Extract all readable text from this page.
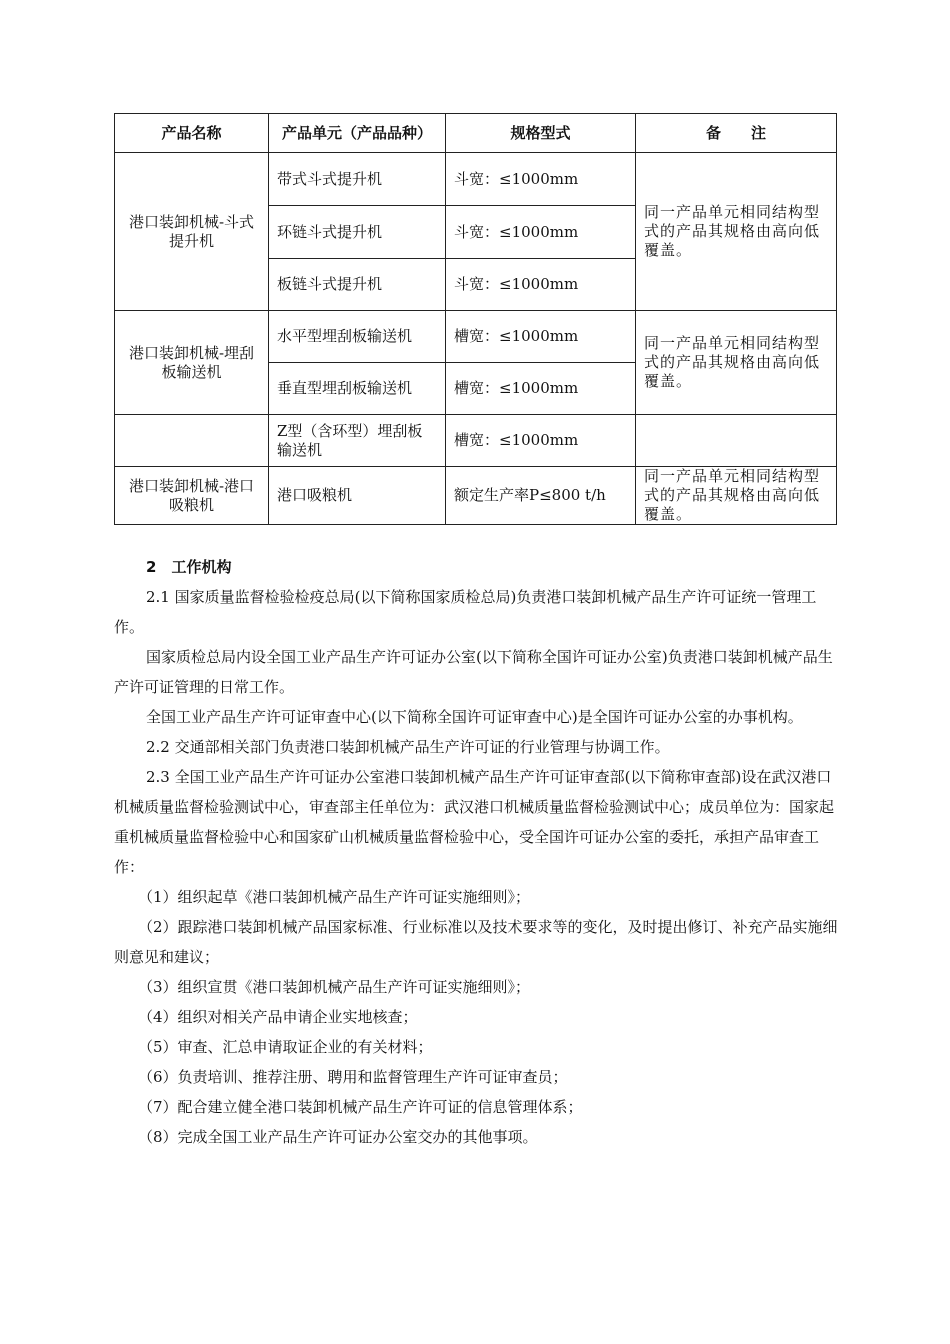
产品名称	产品单元（产品品种）	规格型式	备　　注
港口装卸机械-斗式提升机	带式斗式提升机	斗宽：≤1000mm	同一产品单元相同结构型式的产品其规格由高向低覆盖。
	环链斗式提升机	斗宽：≤1000mm	
	板链斗式提升机	斗宽：≤1000mm	
港口装卸机械-埋刮板输送机	水平型埋刮板输送机	槽宽：≤1000mm	同一产品单元相同结构型式的产品其规格由高向低覆盖。
	垂直型埋刮板输送机	槽宽：≤1000mm	
	Z型（含环型）埋刮板输送机	槽宽：≤1000mm	
港口装卸机械-港口吸粮机	港口吸粮机	额定生产率P≤800 t/h	同一产品单元相同结构型式的产品其规格由高向低覆盖。

2　 工作机构

2.1 国家质量监督检验检疫总局(以下简称国家质检总局)负责港口装卸机械产品生产许可证统一管理工作。

国家质检总局内设全国工业产品生产许可证办公室(以下简称全国许可证办公室)负责港口装卸机械产品生产许可证管理的日常工作。

全国工业产品生产许可证审查中心(以下简称全国许可证审查中心)是全国许可证办公室的办事机构。

2.2 交通部相关部门负责港口装卸机械产品生产许可证的行业管理与协调工作。

2.3 全国工业产品生产许可证办公室港口装卸机械产品生产许可证审查部(以下简称审查部)设在武汉港口机械质量监督检验测试中心，审查部主任单位为：武汉港口机械质量监督检验测试中心；成员单位为：国家起重机械质量监督检验中心和国家矿山机械质量监督检验中心，受全国许可证办公室的委托，承担产品审查工作：

（1）组织起草《港口装卸机械产品生产许可证实施细则》；

（2）跟踪港口装卸机械产品国家标准、行业标准以及技术要求等的变化，及时提出修订、补充产品实施细则意见和建议；

（3）组织宣贯《港口装卸机械产品生产许可证实施细则》；

（4）组织对相关产品申请企业实地核查；

（5）审查、汇总申请取证企业的有关材料；

（6）负责培训、推荐注册、聘用和监督管理生产许可证审查员；

（7）配合建立健全港口装卸机械产品生产许可证的信息管理体系；

（8）完成全国工业产品生产许可证办公室交办的其他事项。
